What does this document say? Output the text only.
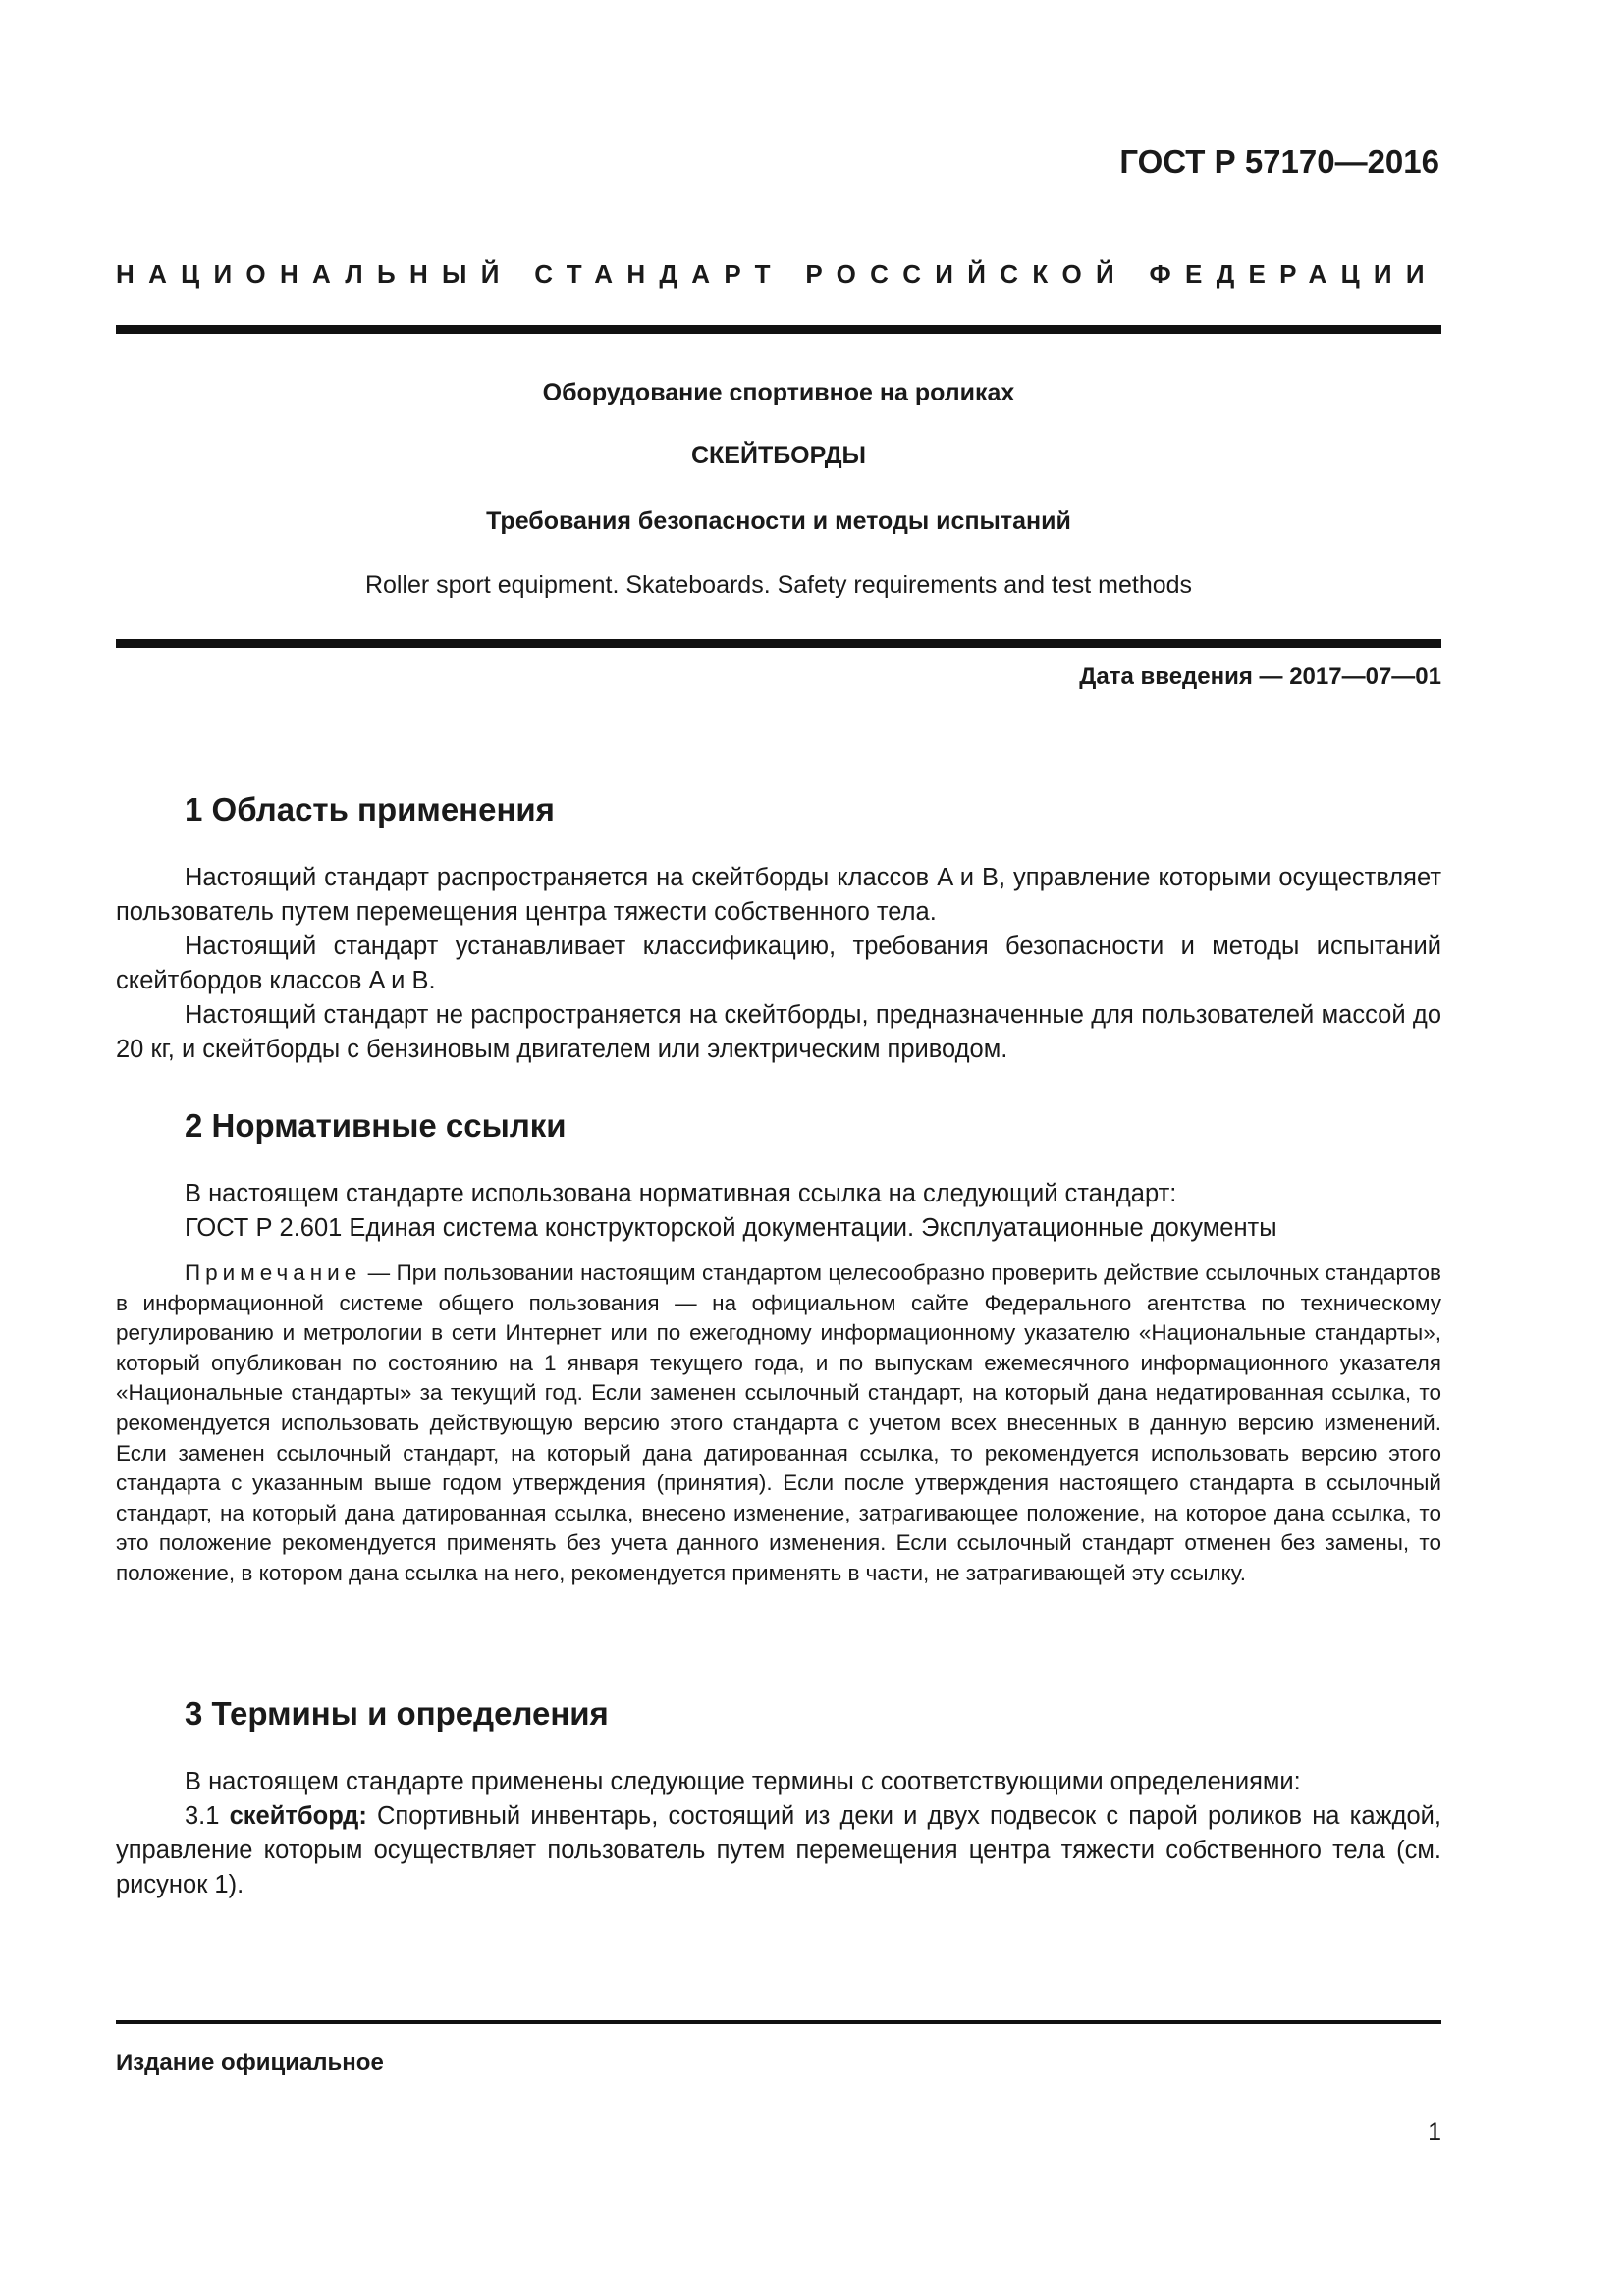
ГОСТ Р 57170—2016
НАЦИОНАЛЬНЫЙ СТАНДАРТ РОССИЙСКОЙ ФЕДЕРАЦИИ
Оборудование спортивное на роликах
СКЕЙТБОРДЫ
Требования безопасности и методы испытаний
Roller sport equipment. Skateboards. Safety requirements and test methods
Дата введения — 2017—07—01
1 Область применения

Настоящий стандарт распространяется на скейтборды классов A и B, управление которыми осуществляет пользователь путем перемещения центра тяжести собственного тела.

Настоящий стандарт устанавливает классификацию, требования безопасности и методы испытаний скейтбордов классов A и B.

Настоящий стандарт не распространяется на скейтборды, предназначенные для пользователей массой до 20 кг, и скейтборды с бензиновым двигателем или электрическим приводом.

2 Нормативные ссылки

В настоящем стандарте использована нормативная ссылка на следующий стандарт:

ГОСТ Р 2.601 Единая система конструкторской документации. Эксплуатационные документы

Примечание — При пользовании настоящим стандартом целесообразно проверить действие ссылочных стандартов в информационной системе общего пользования — на официальном сайте Федерального агентства по техническому регулированию и метрологии в сети Интернет или по ежегодному информационному указателю «Национальные стандарты», который опубликован по состоянию на 1 января текущего года, и по выпускам ежемесячного информационного указателя «Национальные стандарты» за текущий год. Если заменен ссылочный стандарт, на который дана недатированная ссылка, то рекомендуется использовать действующую версию этого стандарта с учетом всех внесенных в данную версию изменений. Если заменен ссылочный стандарт, на который дана датированная ссылка, то рекомендуется использовать версию этого стандарта с указанным выше годом утверждения (принятия). Если после утверждения настоящего стандарта в ссылочный стандарт, на который дана датированная ссылка, внесено изменение, затрагивающее положение, на которое дана ссылка, то это положение рекомендуется применять без учета данного изменения. Если ссылочный стандарт отменен без замены, то положение, в котором дана ссылка на него, рекомендуется применять в части, не затрагивающей эту ссылку.

3 Термины и определения

В настоящем стандарте применены следующие термины с соответствующими определениями:

3.1 скейтборд: Спортивный инвентарь, состоящий из деки и двух подвесок с парой роликов на каждой, управление которым осуществляет пользователь путем перемещения центра тяжести собственного тела (см. рисунок 1).

Издание официальное
1
